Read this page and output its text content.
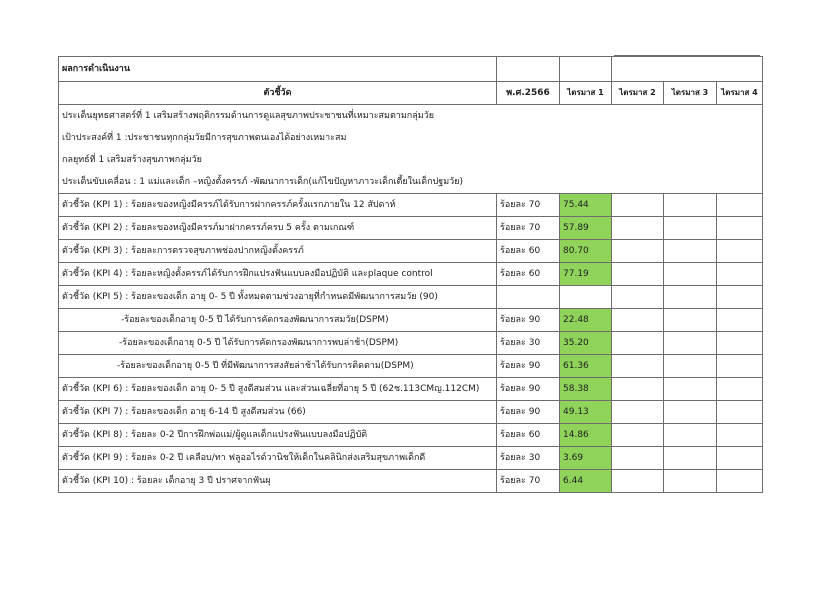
ผลการดำเนินงาน					
ตัวชี้วัด	พ.ศ.2566	ไตรมาส 1	ไตรมาส 2	ไตรมาส 3	ไตรมาส 4
ประเด็นยุทธศาสตร์ที่ 1 เสริมสร้างพฤติกรรมด้านการดูแลสุขภาพประชาชนที่เหมาะสมตามกลุ่มวัย					
เป้าประสงค์ที่ 1 :ประชาชนทุกกลุ่มวัยมีการสุขภาพตนเองได้อย่างเหมาะสม					
กลยุทธ์ที่ 1 เสริมสร้างสุขภาพกลุ่มวัย					
ประเด็นขับเคลื่อน : 1 แม่และเด็ก –หญิงตั้งครรภ์ -พัฒนาการเด็ก(แก้ไขปัญหาภาวะเด็กเตี้ยในเด็กปฐมวัย)					
ตัวชี้วัด (KPI 1) : ร้อยละของหญิงมีครรภ์ได้รับการฝากครรภ์ครั้งแรกภายใน 12 สัปดาห์	ร้อยละ 70	75.44			
ตัวชี้วัด (KPI 2) : ร้อยละของหญิงมีครรภ์มาฝากครรภ์ครบ 5 ครั้ง ตามเกณฑ์	ร้อยละ 70	57.89			
ตัวชี้วัด (KPI 3) : ร้อยละการตรวจสุขภาพช่องปากหญิงตั้งครรภ์	ร้อยละ 60	80.70			
ตัวชี้วัด (KPI 4) : ร้อยละหญิงตั้งครรภ์ได้รับการฝึกแปรงฟันแบบลงมือปฏิบัติ และplaque control	ร้อยละ 60	77.19			
ตัวชี้วัด (KPI 5) : ร้อยละของเด็ก อายุ 0- 5 ปี ทั้งหมดตามช่วงอายุที่กำหนดมีพัฒนาการสมวัย (90)					
-ร้อยละของเด็กอายุ 0-5 ปี ได้รับการคัดกรองพัฒนาการสมวัย(DSPM)	ร้อยละ 90	22.48			
-ร้อยละของเด็กอายุ 0-5 ปี ได้รับการคัดกรองพัฒนาการพบล่าช้า(DSPM)	ร้อยละ 30	35.20			
-ร้อยละของเด็กอายุ 0-5 ปี ที่มีพัฒนาการสงสัยล่าช้าได้รับการติดตาม(DSPM)	ร้อยละ 90	61.36			
ตัวชี้วัด (KPI 6) : ร้อยละของเด็ก อายุ 0- 5 ปี สูงดีสมส่วน และส่วนเฉลี่ยที่อายุ 5 ปี (62ช.113CMญ.112CM)	ร้อยละ 90	58.38			
ตัวชี้วัด (KPI 7) : ร้อยละของเด็ก อายุ 6-14 ปี สูงดีสมส่วน (66)	ร้อยละ 90	49.13			
ตัวชี้วัด (KPI 8) : ร้อยละ 0-2 ปีการฝึกพ่อแม่/ผู้ดูแลเด็กแปรงฟันแบบลงมือปฏิบัติ	ร้อยละ 60	14.86			
ตัวชี้วัด (KPI 9) : ร้อยละ 0-2 ปี เคลือบ/ทา ฟลูออไรด์วานิชให้เด็กในคลินิกส่งเสริมสุขภาพเด็กดี	ร้อยละ 30	3.69			
ตัวชี้วัด (KPI 10) : ร้อยละ เด็กอายุ 3 ปี ปราศจากฟันผุ	ร้อยละ 70	6.44			
